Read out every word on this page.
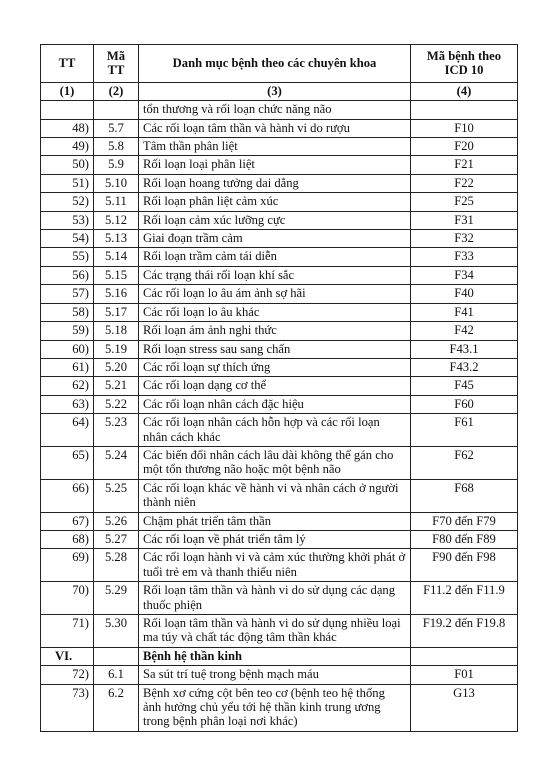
TT	Mã TT	Danh mục bệnh theo các chuyên khoa	Mã bệnh theo
ICD 10

(1)	(2)	(3)	(4)
		tổn thương và rối loạn chức năng não	
48)	5.7	Các rối loạn tâm thần và hành vi do rượu	F10
49)	5.8	Tâm thần phân liệt	F20
50)	5.9	Rối loạn loại phân liệt	F21
51)	5.10	Rối loạn hoang tưởng dai dẳng	F22
52)	5.11	Rối loạn phân liệt cảm xúc	F25
53)	5.12	Rối loạn cảm xúc lưỡng cực	F31
54)	5.13	Giai đoạn trầm cảm	F32
55)	5.14	Rối loạn trầm cảm tái diễn	F33
56)	5.15	Các trạng thái rối loạn khí sắc	F34
57)	5.16	Các rối loạn lo âu ám ảnh sợ hãi	F40
58)	5.17	Các rối loạn lo âu khác	F41
59)	5.18	Rối loạn ám ảnh nghi thức	F42
60)	5.19	Rối loạn stress sau sang chấn	F43.1
61)	5.20	Các rối loạn sự thích ứng	F43.2
62)	5.21	Các rối loạn dạng cơ thể	F45
63)	5.22	Các rối loạn nhân cách đặc hiệu	F60
64)	5.23	Các rối loạn nhân cách hỗn hợp và các rối loạn nhân cách khác	F61
65)	5.24	Các biến đổi nhân cách lâu dài không thể gán cho một tổn thương não hoặc một bệnh não	F62
66)	5.25	Các rối loạn khác về hành vi và nhân cách ở người thành niên	F68
67)	5.26	Chậm phát triển tâm thần	F70 đến F79
68)	5.27	Các rối loạn về phát triển tâm lý	F80 đến F89
69)	5.28	Các rối loạn hành vi và cảm xúc thường khởi phát ở tuổi trẻ em và thanh thiếu niên	F90 đến F98
70)	5.29	Rối loạn tâm thần và hành vi do sử dụng các dạng thuốc phiện	F11.2 đến F11.9
71)	5.30	Rối loạn tâm thần và hành vi do sử dụng nhiều loại ma túy và chất tác động tâm thần khác	F19.2 đến F19.8
VI.		Bệnh hệ thần kinh	
72)	6.1	Sa sút trí tuệ trong bệnh mạch máu	F01
73)	6.2	Bệnh xơ cứng cột bên teo cơ (bệnh teo hệ thống ảnh hưởng chủ yếu tới hệ thần kinh trung ương trong bệnh phân loại nơi khác)	G13
